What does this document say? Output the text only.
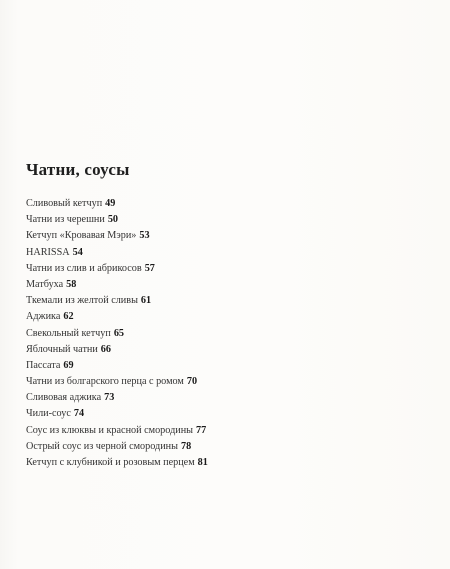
Чатни, соусы
Сливовый кетчуп 49
Чатни из черешни 50
Кетчуп «Кровавая Мэри» 53
HARISSA 54
Чатни из слив и абрикосов 57
Матбуха 58
Ткемали из желтой сливы 61
Аджика 62
Свекольный кетчуп 65
Яблочный чатни 66
Пассата 69
Чатни из болгарского перца с ромом 70
Сливовая аджика 73
Чили-соус 74
Соус из клюквы и красной смородины 77
Острый соус из черной смородины 78
Кетчуп с клубникой и розовым перцем 81
